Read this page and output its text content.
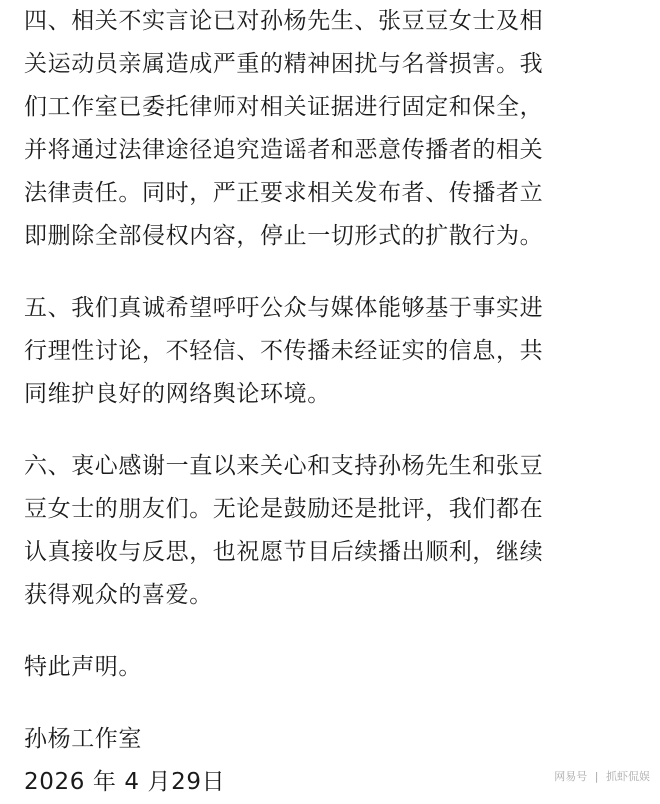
四、相关不实言论已对孙杨先生、张豆豆女士及相
关运动员亲属造成严重的精神困扰与名誉损害。我
们工作室已委托律师对相关证据进行固定和保全，
并将通过法律途径追究造谣者和恶意传播者的相关
法律责任。同时，严正要求相关发布者、传播者立
即删除全部侵权内容，停止一切形式的扩散行为。
五、我们真诚希望呼吁公众与媒体能够基于事实进
行理性讨论，不轻信、不传播未经证实的信息，共
同维护良好的网络舆论环境。
六、衷心感谢一直以来关心和支持孙杨先生和张豆
豆女士的朋友们。无论是鼓励还是批评，我们都在
认真接收与反思，也祝愿节目后续播出顺利，继续
获得观众的喜爱。
特此声明。
孙杨工作室
2026 年 4 月29日	网易号 | 抓虾侃娱
